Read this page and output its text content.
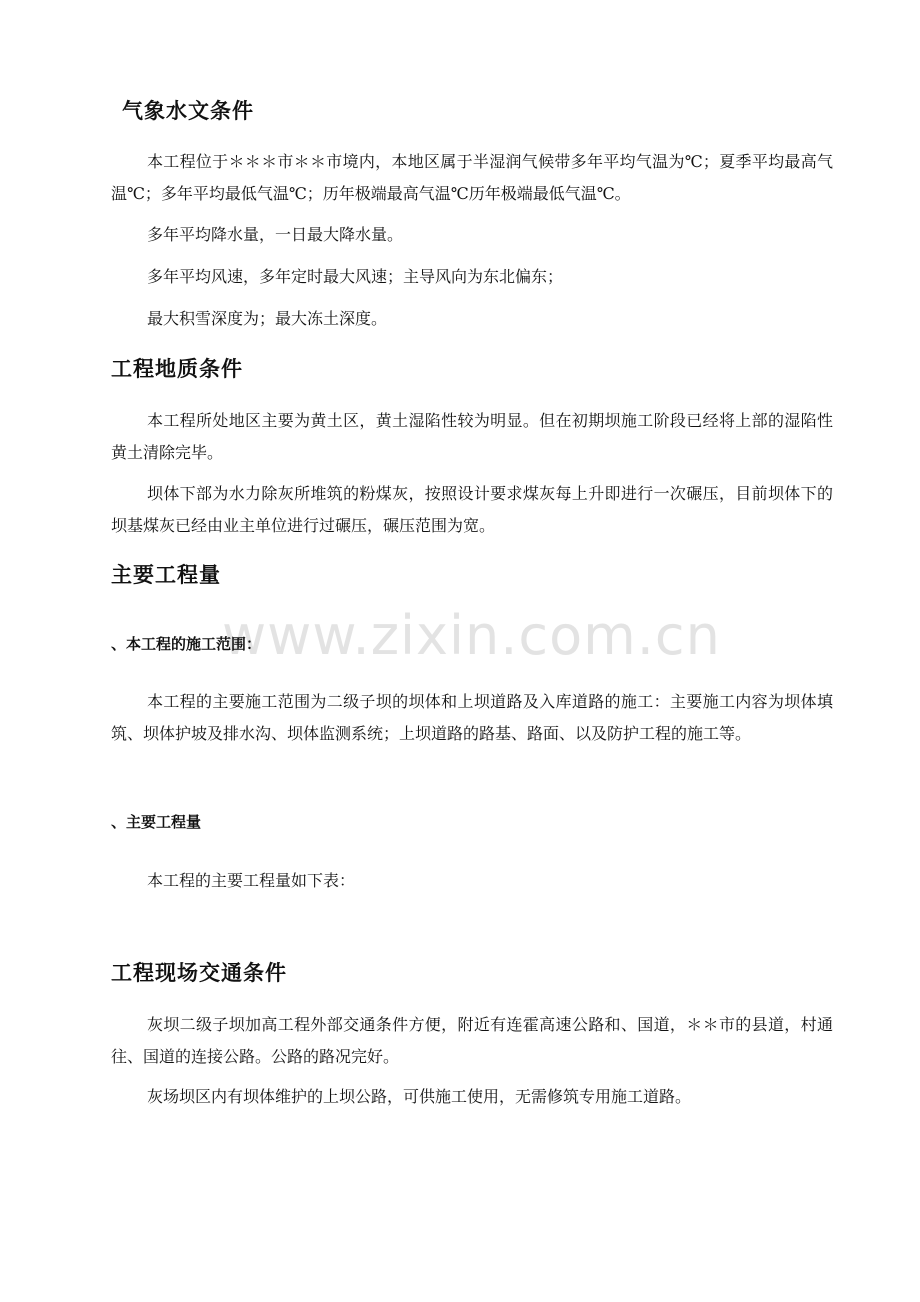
气象水文条件
本工程位于＊＊＊市＊＊市境内，本地区属于半湿润气候带多年平均气温为℃；夏季平均最高气温℃；多年平均最低气温℃；历年极端最高气温℃历年极端最低气温℃。
多年平均降水量，一日最大降水量。
多年平均风速，多年定时最大风速；主导风向为东北偏东；
最大积雪深度为；最大冻土深度。
工程地质条件
本工程所处地区主要为黄土区，黄土湿陷性较为明显。但在初期坝施工阶段已经将上部的湿陷性黄土清除完毕。
坝体下部为水力除灰所堆筑的粉煤灰，按照设计要求煤灰每上升即进行一次碾压，目前坝体下的坝基煤灰已经由业主单位进行过碾压，碾压范围为宽。
主要工程量
www.zixin.com.cn
、本工程的施工范围：
本工程的主要施工范围为二级子坝的坝体和上坝道路及入库道路的施工：主要施工内容为坝体填筑、坝体护坡及排水沟、坝体监测系统；上坝道路的路基、路面、以及防护工程的施工等。
、主要工程量
本工程的主要工程量如下表：
工程现场交通条件
灰坝二级子坝加高工程外部交通条件方便，附近有连霍高速公路和、国道，＊＊市的县道，村通往、国道的连接公路。公路的路况完好。
灰场坝区内有坝体维护的上坝公路，可供施工使用，无需修筑专用施工道路。
